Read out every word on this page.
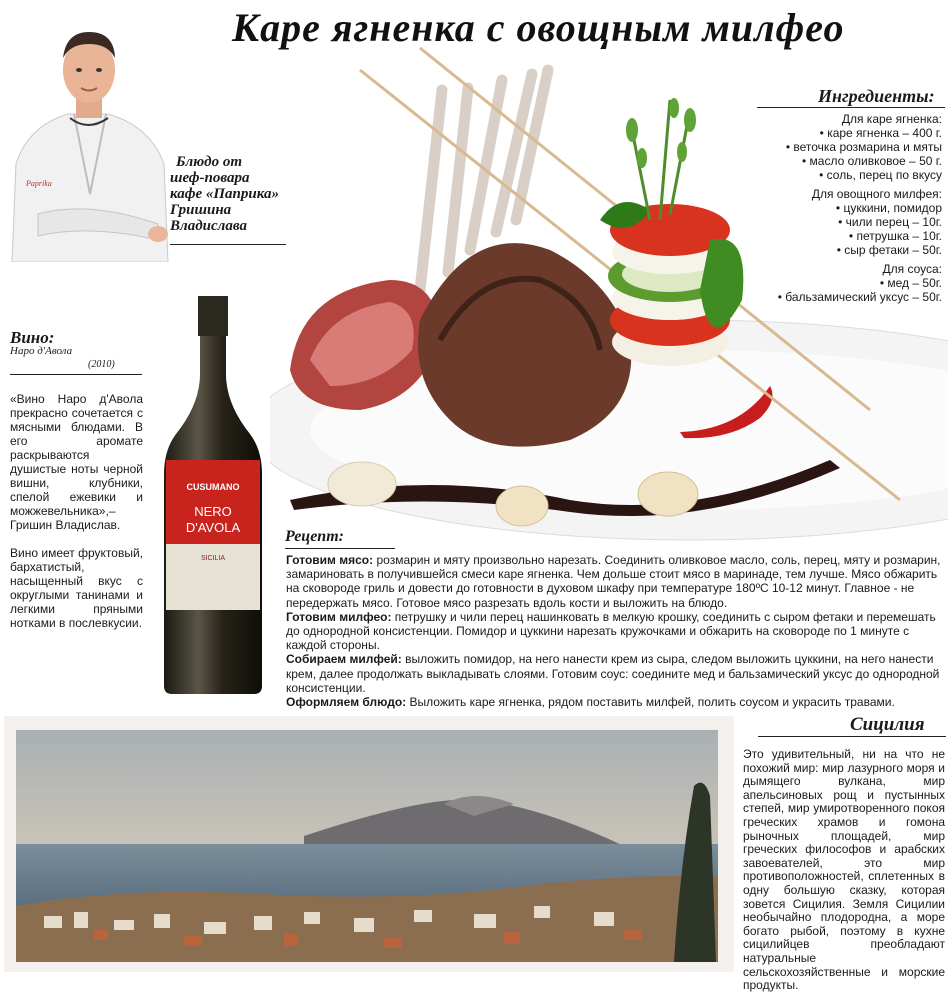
Каре ягненка с овощным милфео
Paprika
Блюдо от
шеф-повара
кафе «Паприка»
Гришина
Владислава
Ингредиенты:
Для каре ягненка:
• каре ягненка – 400 г.
• веточка розмарина и мяты
• масло оливковое – 50 г.
• соль, перец по вкусу
Для овощного милфея:
• цуккини, помидор
• чили перец – 10г.
• петрушка – 10г.
• сыр фетаки – 50г.
Для соуса:
• мед – 50г.
• бальзамический уксус – 50г.
Вино:
Наро д'Авола
(2010)

«Вино Наро д'Авола прекрасно сочетается с мясными блюдами. В его аромате раскрываются душистые ноты черной вишни, клубники, спелой ежевики и можжевельника»,– Гришин Владислав.

Вино имеет фруктовый, бархатистый, насыщенный вкус с округлыми танинами и легкими пряными нотками в послевкусии.

CUSUMANO
NERO
D'AVOLA
SICILIA
Рецепт:

Готовим мясо: розмарин и мяту произвольно нарезать. Соединить оливковое масло, соль, перец, мяту и розмарин, замариновать в получившейся смеси каре ягненка. Чем дольше стоит мясо в маринаде, тем лучше. Мясо обжарить на сковороде гриль и довести до готовности в духовом шкафу при температуре 180ºС 10-12 минут. Главное - не передержать мясо. Готовое мясо разрезать вдоль кости и выложить на блюдо.

Готовим милфео: петрушку и чили перец нашинковать в мелкую крошку, соединить с сыром фетаки и перемешать до однородной консистенции. Помидор и цуккини нарезать кружочками и обжарить на сковороде по 1 минуте с каждой стороны.

Собираем милфей: выложить помидор, на него нанести крем из сыра, следом выложить цуккини, на него нанести крем, далее продолжать выкладывать слоями. Готовим соус: соедините мед и бальзамический уксус до однородной консистенции.

Оформляем блюдо: Выложить каре ягненка, рядом поставить милфей, полить соусом и украсить травами.

Сицилия
Это удивительный, ни на что не похожий мир: мир лазурного моря и дымящего вулкана, мир апельсиновых рощ и пустынных степей, мир умиротворенного покоя греческих храмов и гомона рыночных площадей, мир греческих философов и арабских завоевателей, это мир противоположностей, сплетенных в одну большую сказку, которая зовется Сицилия. Земля Сицилии необычайно плодородна, а море богато рыбой, поэтому в кухне сицилийцев преобладают натуральные сельскохозяйственные и морские продукты.
